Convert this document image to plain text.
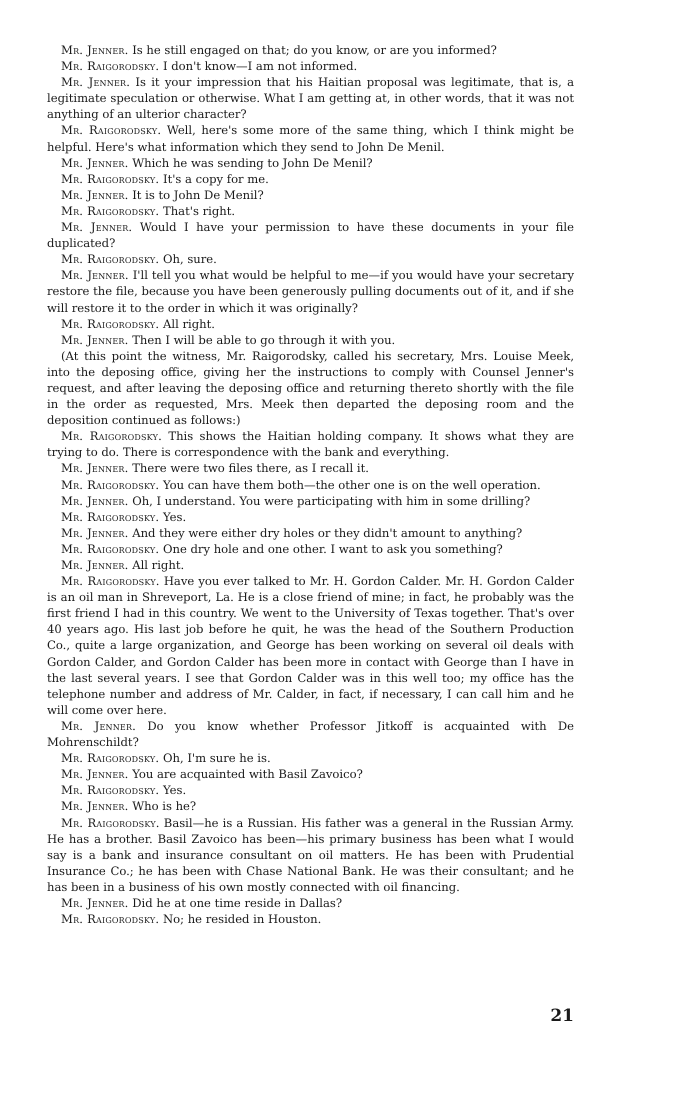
Mr. Jenner. Is he still engaged on that; do you know, or are you informed?

Mr. Raigorodsky. I don't know—I am not informed.

Mr. Jenner. Is it your impression that his Haitian proposal was legitimate, that is, a legitimate speculation or otherwise. What I am getting at, in other words, that it was not anything of an ulterior character?

Mr. Raigorodsky. Well, here's some more of the same thing, which I think might be helpful. Here's what information which they send to John De Menil.

Mr. Jenner. Which he was sending to John De Menil?

Mr. Raigorodsky. It's a copy for me.

Mr. Jenner. It is to John De Menil?

Mr. Raigorodsky. That's right.

Mr. Jenner. Would I have your permission to have these documents in your file duplicated?

Mr. Raigorodsky. Oh, sure.

Mr. Jenner. I'll tell you what would be helpful to me—if you would have your secretary restore the file, because you have been generously pulling documents out of it, and if she will restore it to the order in which it was originally?

Mr. Raigorodsky. All right.

Mr. Jenner. Then I will be able to go through it with you.

(At this point the witness, Mr. Raigorodsky, called his secretary, Mrs. Louise Meek, into the deposing office, giving her the instructions to comply with Counsel Jenner's request, and after leaving the deposing office and returning thereto shortly with the file in the order as requested, Mrs. Meek then departed the deposing room and the deposition continued as follows:)

Mr. Raigorodsky. This shows the Haitian holding company. It shows what they are trying to do. There is correspondence with the bank and everything.

Mr. Jenner. There were two files there, as I recall it.

Mr. Raigorodsky. You can have them both—the other one is on the well operation.

Mr. Jenner. Oh, I understand. You were participating with him in some drilling?

Mr. Raigorodsky. Yes.

Mr. Jenner. And they were either dry holes or they didn't amount to anything?

Mr. Raigorodsky. One dry hole and one other. I want to ask you something?

Mr. Jenner. All right.

Mr. Raigorodsky. Have you ever talked to Mr. H. Gordon Calder. Mr. H. Gordon Calder is an oil man in Shreveport, La. He is a close friend of mine; in fact, he probably was the first friend I had in this country. We went to the University of Texas together. That's over 40 years ago. His last job before he quit, he was the head of the Southern Production Co., quite a large organization, and George has been working on several oil deals with Gordon Calder, and Gordon Calder has been more in contact with George than I have in the last several years. I see that Gordon Calder was in this well too; my office has the telephone number and address of Mr. Calder, in fact, if necessary, I can call him and he will come over here.

Mr. Jenner. Do you know whether Professor Jitkoff is acquainted with De Mohrenschildt?

Mr. Raigorodsky. Oh, I'm sure he is.

Mr. Jenner. You are acquainted with Basil Zavoico?

Mr. Raigorodsky. Yes.

Mr. Jenner. Who is he?

Mr. Raigorodsky. Basil—he is a Russian. His father was a general in the Russian Army. He has a brother. Basil Zavoico has been—his primary business has been what I would say is a bank and insurance consultant on oil matters. He has been with Prudential Insurance Co.; he has been with Chase National Bank. He was their consultant; and he has been in a business of his own mostly connected with oil financing.

Mr. Jenner. Did he at one time reside in Dallas?

Mr. Raigorodsky. No; he resided in Houston.

21
